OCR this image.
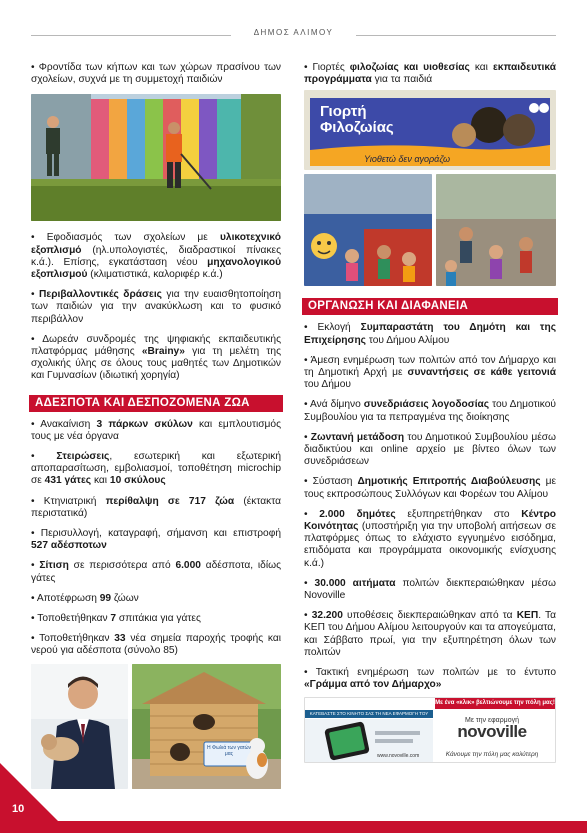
ΔΗΜΟΣ ΑΛΙΜΟΥ
• Φροντίδα των κήπων και των χώρων πρασίνου των σχολείων, συχνά με τη συμμετοχή παιδιών
• Εφοδιασμός των σχολείων με υλικοτεχνικό εξοπλισμό (ηλ.υπολογιστές, διαδραστικοί πίνακες κ.ά.). Επίσης, εγκατάσταση νέου μηχανολογικού εξοπλισμού (κλιματιστικά, καλοριφέρ κ.ά.)
• Περιβαλλοντικές δράσεις για την ευαισθητοποίηση των παιδιών για την ανακύκλωση και το φυσικό περιβάλλον
• Δωρεάν συνδρομές της ψηφιακής εκπαιδευτικής πλατφόρμας μάθησης «Brainy» για τη μελέτη της σχολικής ύλης σε όλους τους μαθητές των Δημοτικών και Γυμνασίων (ιδιωτική χορηγία)
ΑΔΕΣΠΟΤΑ ΚΑΙ ΔΕΣΠΟΖΟΜΕΝΑ ΖΩΑ
• Ανακαίνιση 3 πάρκων σκύλων και εμπλουτισμός τους με νέα όργανα
• Στειρώσεις, εσωτερική και εξωτερική αποπαρασίτωση, εμβολιασμοί, τοποθέτηση microchip σε 431 γάτες και 10 σκύλους
• Κτηνιατρική περίθαλψη σε 717 ζώα (έκτακτα περιστατικά)
• Περισυλλογή, καταγραφή, σήμανση και επιστροφή 527 αδέσποτων
• Σίτιση σε περισσότερα από 6.000 αδέσποτα, ιδίως γάτες
• Αποτέφρωση 99 ζώων
• Τοποθετήθηκαν 7 σπιτάκια για γάτες
• Τοποθετήθηκαν 33 νέα σημεία παροχής τροφής και νερού για αδέσποτα (σύνολο 85)
Η Φωλιά των γατών μας
• Γιορτές φιλοζωίας και υιοθεσίας και εκπαιδευτικά προγράμματα για τα παιδιά
Γιορτή
Φιλοζωίας
Υιοθετώ δεν αγοράζω
ΟΡΓΑΝΩΣΗ ΚΑΙ ΔΙΑΦΑΝΕΙΑ
• Εκλογή Συμπαραστάτη του Δημότη και της Επιχείρησης του Δήμου Αλίμου
• Άμεση ενημέρωση των πολιτών από τον Δήμαρχο και τη Δημοτική Αρχή με συναντήσεις σε κάθε γειτονιά του Δήμου
• Ανά δίμηνο συνεδριάσεις λογοδοσίας του Δημοτικού Συμβουλίου για τα πεπραγμένα της διοίκησης
• Ζωντανή μετάδοση του Δημοτικού Συμβουλίου μέσω διαδικτύου και online αρχείο με βίντεο όλων των συνεδριάσεων
• Σύσταση Δημοτικής Επιτροπής Διαβούλευσης με τους εκπροσώπους Συλλόγων και Φορέων του Αλίμου
• 2.000 δημότες εξυπηρετήθηκαν στο Κέντρο Κοινότητας (υποστήριξη για την υποβολή αιτήσεων σε πλατφόρμες όπως το ελάχιστο εγγυημένο εισόδημα, επιδόματα και προγράμματα οικονομικής ενίσχυσης κ.ά.)
• 30.000 αιτήματα πολιτών διεκπεραιώθηκαν μέσω Novoville
• 32.200 υποθέσεις διεκπεραιώθηκαν από τα ΚΕΠ. Τα ΚΕΠ του Δήμου Αλίμου λειτουργούν και τα απογεύματα, και Σάββατο πρωί, για την εξυπηρέτηση όλων των πολιτών
• Τακτική ενημέρωση των πολιτών με το έντυπο «Γράμμα από τον Δήμαρχο»
Με ένα «κλικ» βελτιώνουμε την πόλη μας!
ΚΑΤΕΒΑΣΤΕ ΣΤΟ ΚΙΝΗΤΟ ΣΑΣ ΤΗ ΝΕΑ ΕΦΑΡΜΟΓΗ ΤΟΥ
www.novoville.com
Με την εφαρμογή
novoville
Κάνουμε την πόλη μας καλύτερη
10
